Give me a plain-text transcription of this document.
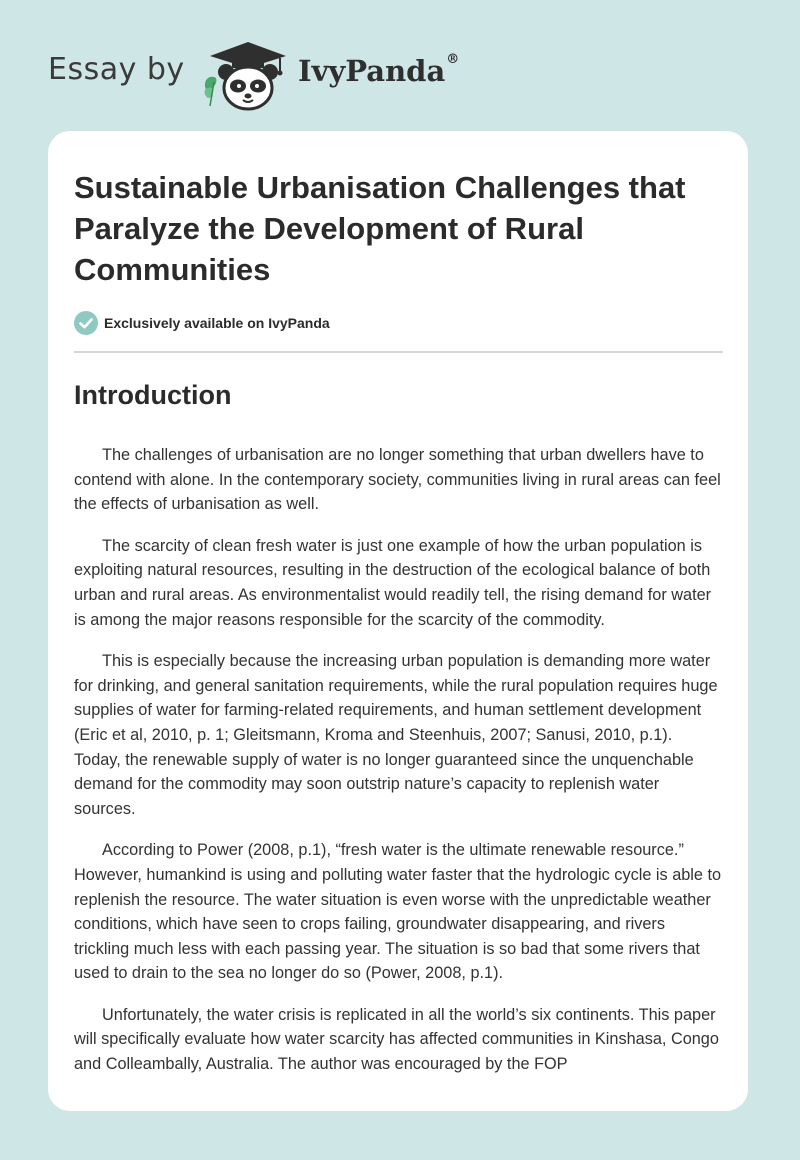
Essay by	IvyPanda®
Sustainable Urbanisation Challenges that Paralyze the Development of Rural Communities
Exclusively available on IvyPanda
Introduction

The challenges of urbanisation are no longer something that urban dwellers have to contend with alone. In the contemporary society, communities living in rural areas can feel the effects of urbanisation as well.

The scarcity of clean fresh water is just one example of how the urban population is exploiting natural resources, resulting in the destruction of the ecological balance of both urban and rural areas. As environmentalist would readily tell, the rising demand for water is among the major reasons responsible for the scarcity of the commodity.

This is especially because the increasing urban population is demanding more water for drinking, and general sanitation requirements, while the rural population requires huge supplies of water for farming-related requirements, and human settlement development (Eric et al, 2010, p. 1; Gleitsmann, Kroma and Steenhuis, 2007; Sanusi, 2010, p.1). Today, the renewable supply of water is no longer guaranteed since the unquenchable demand for the commodity may soon outstrip nature’s capacity to replenish water sources.

According to Power (2008, p.1), “fresh water is the ultimate renewable resource.” However, humankind is using and polluting water faster that the hydrologic cycle is able to replenish the resource. The water situation is even worse with the unpredictable weather conditions, which have seen to crops failing, groundwater disappearing, and rivers trickling much less with each passing year. The situation is so bad that some rivers that used to drain to the sea no longer do so (Power, 2008, p.1).

Unfortunately, the water crisis is replicated in all the world’s six continents. This paper will specifically evaluate how water scarcity has affected communities in Kinshasa, Congo and Colleambally, Australia. The author was encouraged by the FOP
